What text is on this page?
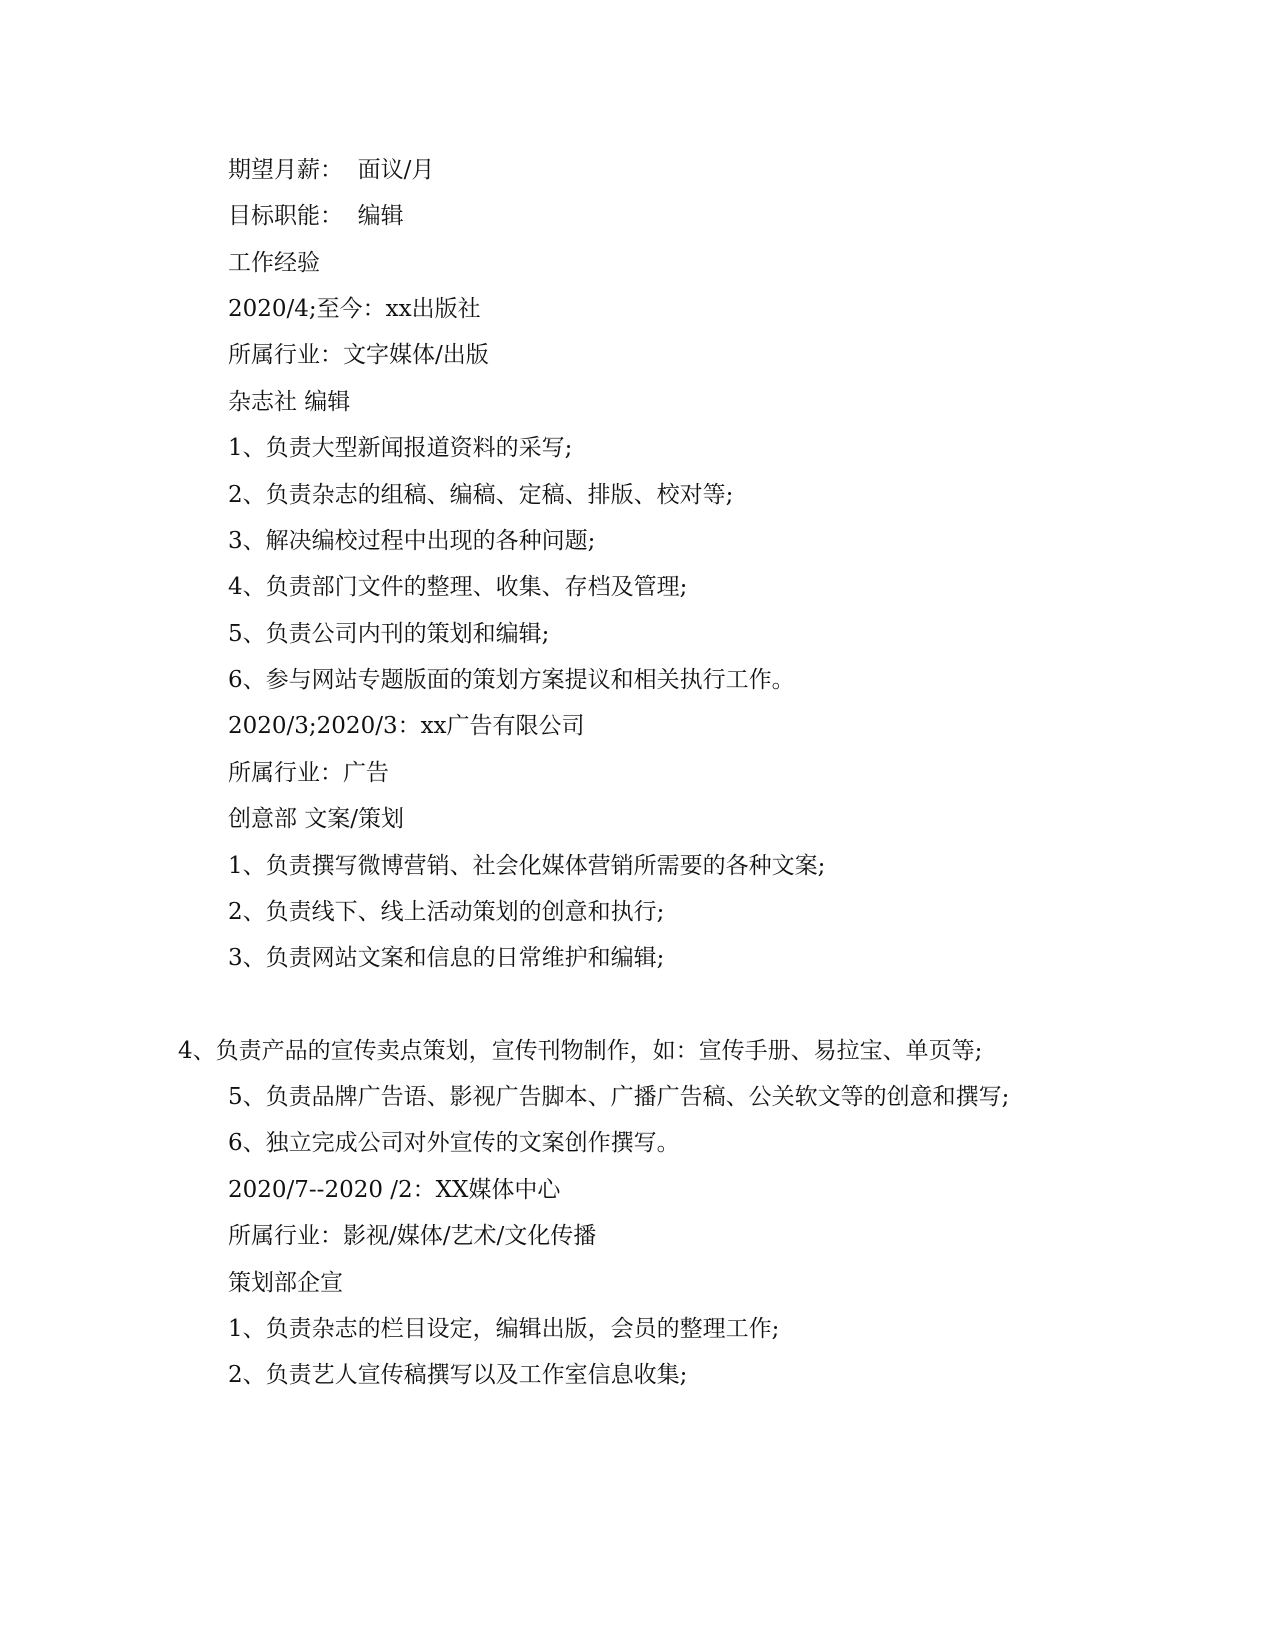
期望月薪：  面议/月
目标职能：  编辑
工作经验
2020/4;至今：xx出版社
所属行业：文字媒体/出版
杂志社 编辑
1、负责大型新闻报道资料的采写;
2、负责杂志的组稿、编稿、定稿、排版、校对等;
3、解决编校过程中出现的各种问题;
4、负责部门文件的整理、收集、存档及管理;
5、负责公司内刊的策划和编辑;
6、参与网站专题版面的策划方案提议和相关执行工作。
2020/3;2020/3：xx广告有限公司
所属行业：广告
创意部 文案/策划
1、负责撰写微博营销、社会化媒体营销所需要的各种文案;
2、负责线下、线上活动策划的创意和执行;
3、负责网站文案和信息的日常维护和编辑;
4、负责产品的宣传卖点策划，宣传刊物制作，如：宣传手册、易拉宝、单页等;
5、负责品牌广告语、影视广告脚本、广播广告稿、公关软文等的创意和撰写;
6、独立完成公司对外宣传的文案创作撰写。
2020/7--2020 /2：XX媒体中心
所属行业：影视/媒体/艺术/文化传播
策划部企宣
1、负责杂志的栏目设定，编辑出版，会员的整理工作;
2、负责艺人宣传稿撰写以及工作室信息收集;
